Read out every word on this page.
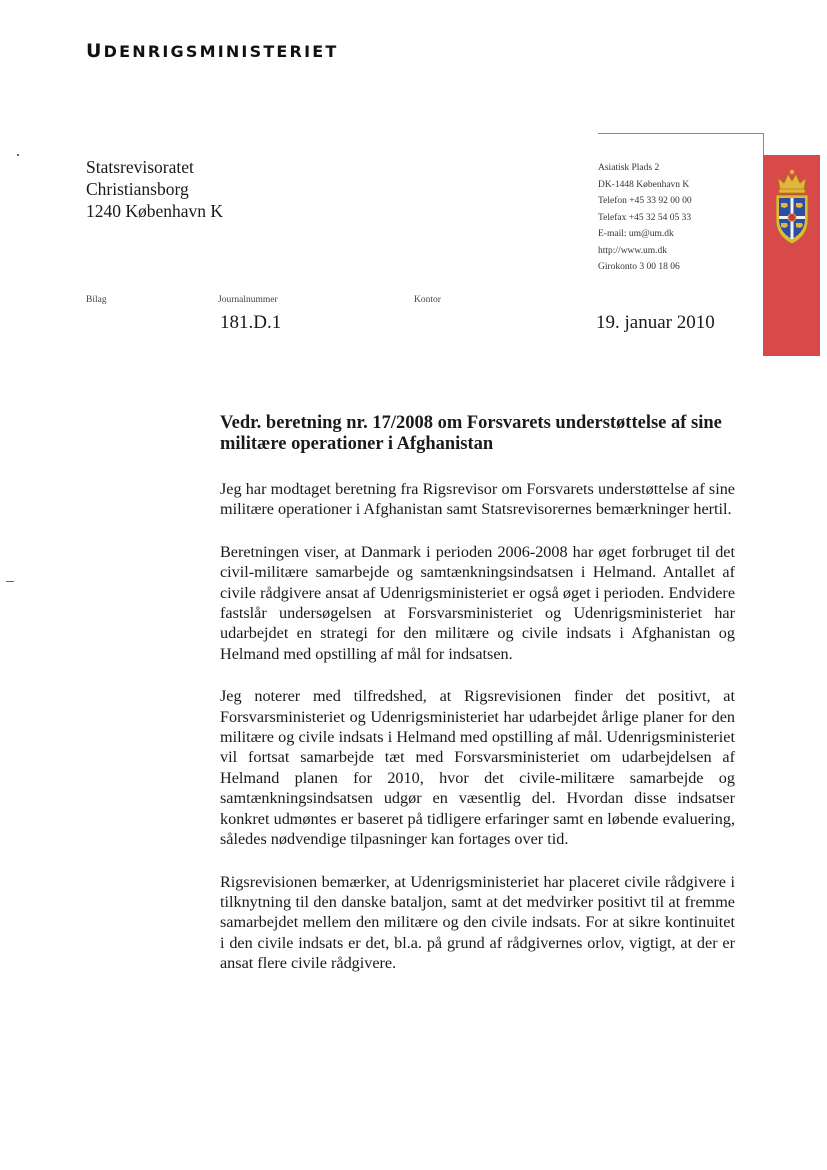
UDENRIGSMINISTERIET
Statsrevisoratet
Christiansborg
1240 København K
Asiatisk Plads 2
DK-1448 København K
Telefon +45 33 92 00 00
Telefax +45 32 54 05 33
E-mail: um@um.dk
http://www.um.dk
Girokonto 3 00 18 06
Bilag	Journalnummer
181.D.1
Kontor
19. januar 2010
Vedr. beretning nr. 17/2008 om Forsvarets understøttelse af sine militære operationer i Afghanistan

Jeg har modtaget beretning fra Rigsrevisor om Forsvarets understøttelse af sine militære operationer i Afghanistan samt Statsrevisorernes bemærkninger hertil.

Beretningen viser, at Danmark i perioden 2006-2008 har øget forbruget til det civil-militære samarbejde og samtænkningsindsatsen i Helmand. Antallet af civile rådgivere ansat af Udenrigsministeriet er også øget i perioden. Endvidere fastslår undersøgelsen at Forsvarsministeriet og Udenrigsministeriet har udarbejdet en strategi for den militære og civile indsats i Afghanistan og Helmand med opstilling af mål for indsatsen.

Jeg noterer med tilfredshed, at Rigsrevisionen finder det positivt, at Forsvarsministeriet og Udenrigsministeriet har udarbejdet årlige planer for den militære og civile indsats i Helmand med opstilling af mål. Udenrigsministeriet vil fortsat samarbejde tæt med Forsvarsministeriet om udarbejdelsen af Helmand planen for 2010, hvor det civile-militære samarbejde og samtænkningsindsatsen udgør en væsentlig del. Hvordan disse indsatser konkret udmøntes er baseret på tidligere erfaringer samt en løbende evaluering, således nødvendige tilpasninger kan fortages over tid.

Rigsrevisionen bemærker, at Udenrigsministeriet har placeret civile rådgivere i tilknytning til den danske bataljon, samt at det medvirker positivt til at fremme samarbejdet mellem den militære og den civile indsats. For at sikre kontinuitet i den civile indsats er det, bl.a. på grund af rådgivernes orlov, vigtigt, at der er ansat flere civile rådgivere.
